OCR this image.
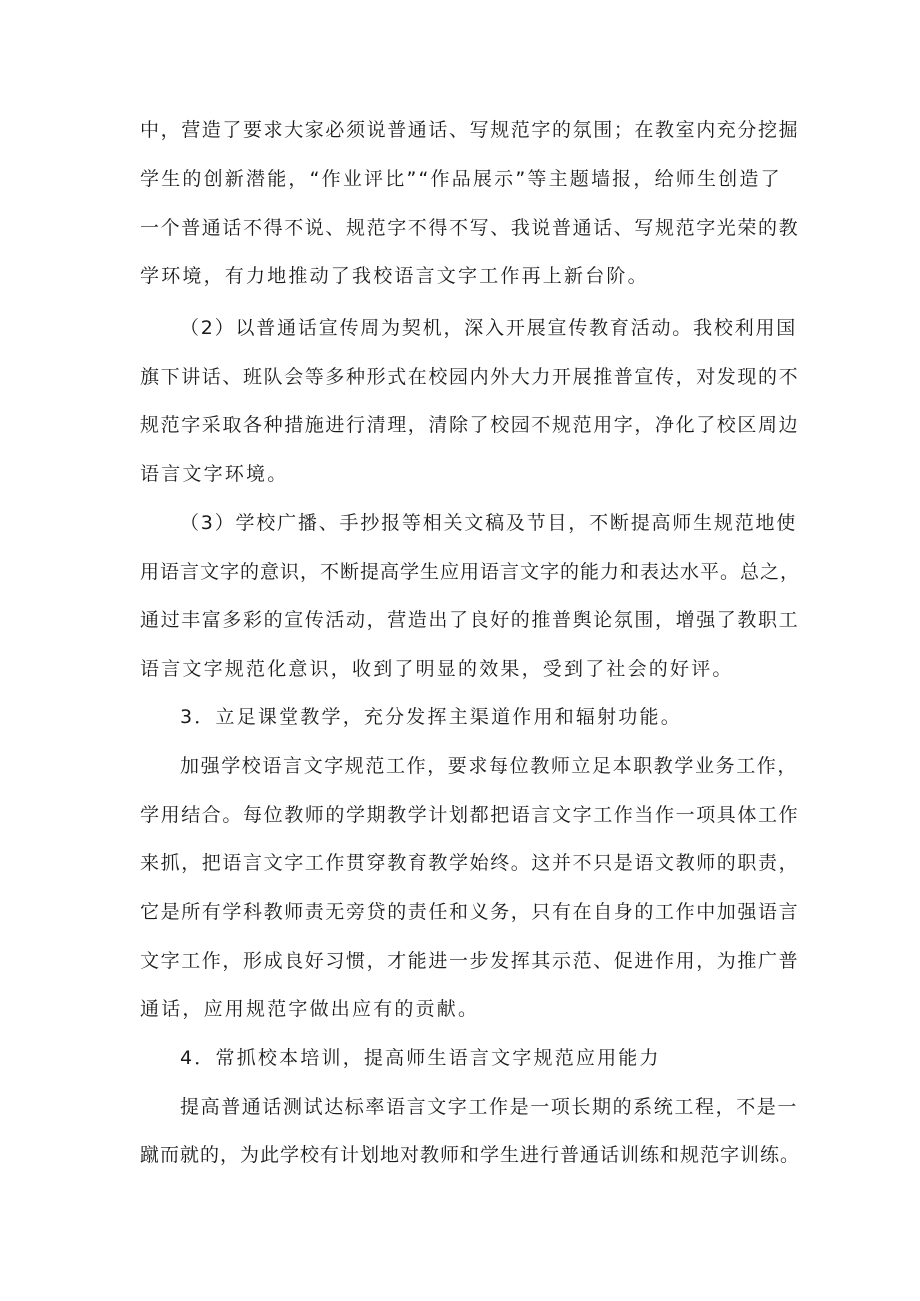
中，营造了要求大家必须说普通话、写规范字的氛围；在教室内充分挖掘
学生的创新潜能，“作业评比”“作品展示”等主题墙报，给师生创造了
一个普通话不得不说、规范字不得不写、我说普通话、写规范字光荣的教
学环境，有力地推动了我校语言文字工作再上新台阶。
（2）以普通话宣传周为契机，深入开展宣传教育活动。我校利用国
旗下讲话、班队会等多种形式在校园内外大力开展推普宣传，对发现的不
规范字采取各种措施进行清理，清除了校园不规范用字，净化了校区周边
语言文字环境。
（3）学校广播、手抄报等相关文稿及节目，不断提高师生规范地使
用语言文字的意识，不断提高学生应用语言文字的能力和表达水平。总之，
通过丰富多彩的宣传活动，营造出了良好的推普舆论氛围，增强了教职工
语言文字规范化意识，收到了明显的效果，受到了社会的好评。
3．立足课堂教学，充分发挥主渠道作用和辐射功能。
加强学校语言文字规范工作，要求每位教师立足本职教学业务工作，
学用结合。每位教师的学期教学计划都把语言文字工作当作一项具体工作
来抓，把语言文字工作贯穿教育教学始终。这并不只是语文教师的职责，
它是所有学科教师责无旁贷的责任和义务，只有在自身的工作中加强语言
文字工作，形成良好习惯，才能进一步发挥其示范、促进作用，为推广普
通话，应用规范字做出应有的贡献。
4．常抓校本培训，提高师生语言文字规范应用能力
提高普通话测试达标率语言文字工作是一项长期的系统工程，不是一
蹴而就的，为此学校有计划地对教师和学生进行普通话训练和规范字训练。
